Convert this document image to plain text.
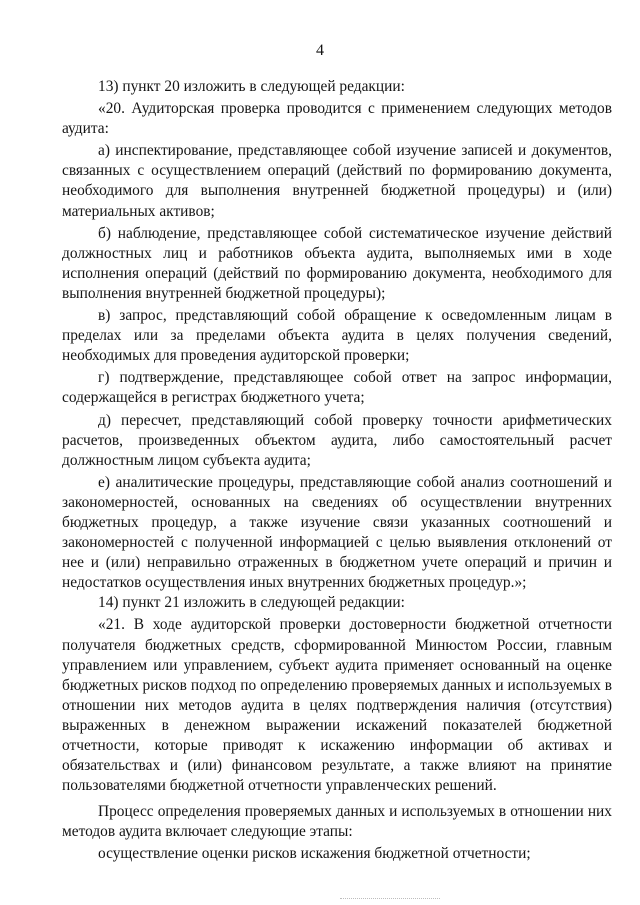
4

13) пункт 20 изложить в следующей редакции:

«20. Аудиторская проверка проводится с применением следующих методов аудита:

а) инспектирование, представляющее собой изучение записей и документов, связанных с осуществлением операций (действий по формированию документа, необходимого для выполнения внутренней бюджетной процедуры) и (или) материальных активов;

б) наблюдение, представляющее собой систематическое изучение действий должностных лиц и работников объекта аудита, выполняемых ими в ходе исполнения операций (действий по формированию документа, необходимого для выполнения внутренней бюджетной процедуры);

в) запрос, представляющий собой обращение к осведомленным лицам в пределах или за пределами объекта аудита в целях получения сведений, необходимых для проведения аудиторской проверки;

г) подтверждение, представляющее собой ответ на запрос информации, содержащейся в регистрах бюджетного учета;

д) пересчет, представляющий собой проверку точности арифметических расчетов, произведенных объектом аудита, либо самостоятельный расчет должностным лицом субъекта аудита;

е) аналитические процедуры, представляющие собой анализ соотношений и закономерностей, основанных на сведениях об осуществлении внутренних бюджетных процедур, а также изучение связи указанных соотношений и закономерностей с полученной информацией с целью выявления отклонений от нее и (или) неправильно отраженных в бюджетном учете операций и причин и недостатков осуществления иных внутренних бюджетных процедур.»;

14) пункт 21 изложить в следующей редакции:

«21. В ходе аудиторской проверки достоверности бюджетной отчетности получателя бюджетных средств, сформированной Минюстом России, главным управлением или управлением, субъект аудита применяет основанный на оценке бюджетных рисков подход по определению проверяемых данных и используемых в отношении них методов аудита в целях подтверждения наличия (отсутствия) выраженных в денежном выражении искажений показателей бюджетной отчетности, которые приводят к искажению информации об активах и обязательствах и (или) финансовом результате, а также влияют на принятие пользователями бюджетной отчетности управленческих решений.

Процесс определения проверяемых данных и используемых в отношении них методов аудита включает следующие этапы:

осуществление оценки рисков искажения бюджетной отчетности;
